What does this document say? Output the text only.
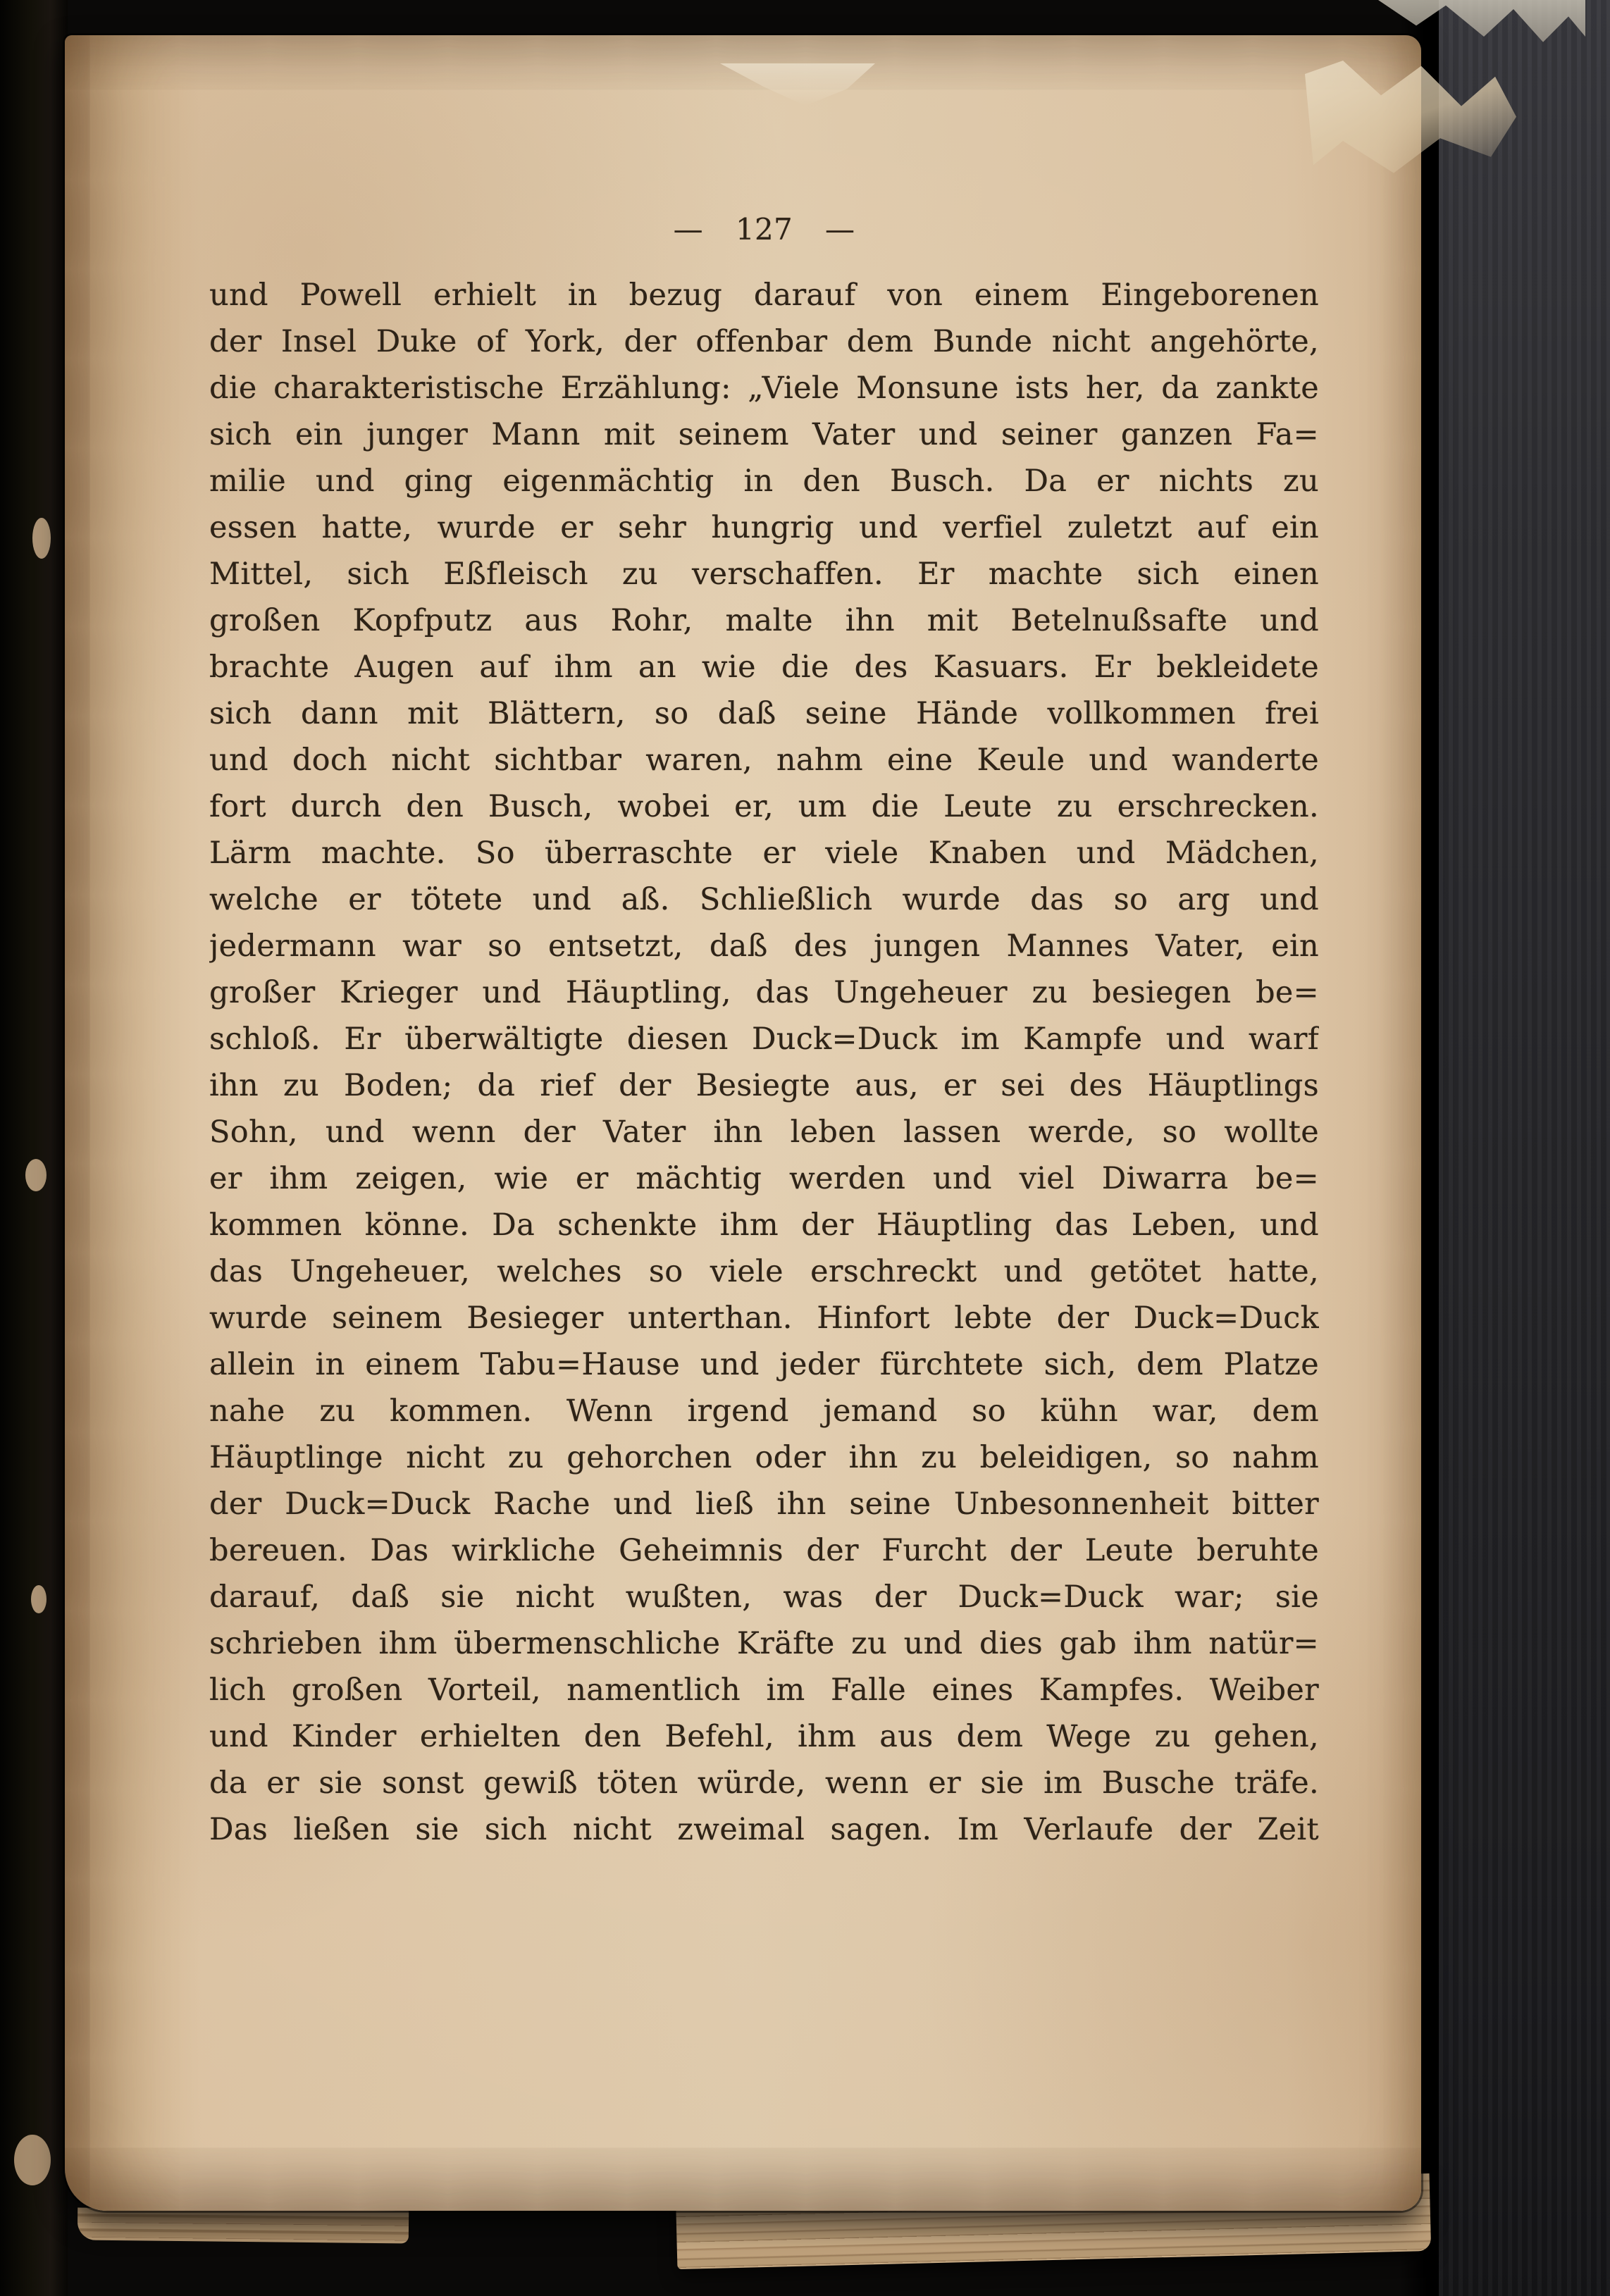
— 127 —
und Powell erhielt in bezug darauf von einem Eingeborenen
der Insel Duke of York, der offenbar dem Bunde nicht angehörte,
die charakteristische Erzählung: „Viele Monsune ists her, da zankte
sich ein junger Mann mit seinem Vater und seiner ganzen Fa=
milie und ging eigenmächtig in den Busch. Da er nichts zu
essen hatte, wurde er sehr hungrig und verfiel zuletzt auf ein
Mittel, sich Eßfleisch zu verschaffen. Er machte sich einen
großen Kopfputz aus Rohr, malte ihn mit Betelnußsafte und
brachte Augen auf ihm an wie die des Kasuars. Er bekleidete
sich dann mit Blättern, so daß seine Hände vollkommen frei
und doch nicht sichtbar waren, nahm eine Keule und wanderte
fort durch den Busch, wobei er, um die Leute zu erschrecken.
Lärm machte. So überraschte er viele Knaben und Mädchen,
welche er tötete und aß. Schließlich wurde das so arg und
jedermann war so entsetzt, daß des jungen Mannes Vater, ein
großer Krieger und Häuptling, das Ungeheuer zu besiegen be=
schloß. Er überwältigte diesen Duck=Duck im Kampfe und warf
ihn zu Boden; da rief der Besiegte aus, er sei des Häuptlings
Sohn, und wenn der Vater ihn leben lassen werde, so wollte
er ihm zeigen, wie er mächtig werden und viel Diwarra be=
kommen könne. Da schenkte ihm der Häuptling das Leben, und
das Ungeheuer, welches so viele erschreckt und getötet hatte,
wurde seinem Besieger unterthan. Hinfort lebte der Duck=Duck
allein in einem Tabu=Hause und jeder fürchtete sich, dem Platze
nahe zu kommen. Wenn irgend jemand so kühn war, dem
Häuptlinge nicht zu gehorchen oder ihn zu beleidigen, so nahm
der Duck=Duck Rache und ließ ihn seine Unbesonnenheit bitter
bereuen. Das wirkliche Geheimnis der Furcht der Leute beruhte
darauf, daß sie nicht wußten, was der Duck=Duck war; sie
schrieben ihm übermenschliche Kräfte zu und dies gab ihm natür=
lich großen Vorteil, namentlich im Falle eines Kampfes. Weiber
und Kinder erhielten den Befehl, ihm aus dem Wege zu gehen,
da er sie sonst gewiß töten würde, wenn er sie im Busche träfe.
Das ließen sie sich nicht zweimal sagen. Im Verlaufe der Zeit
